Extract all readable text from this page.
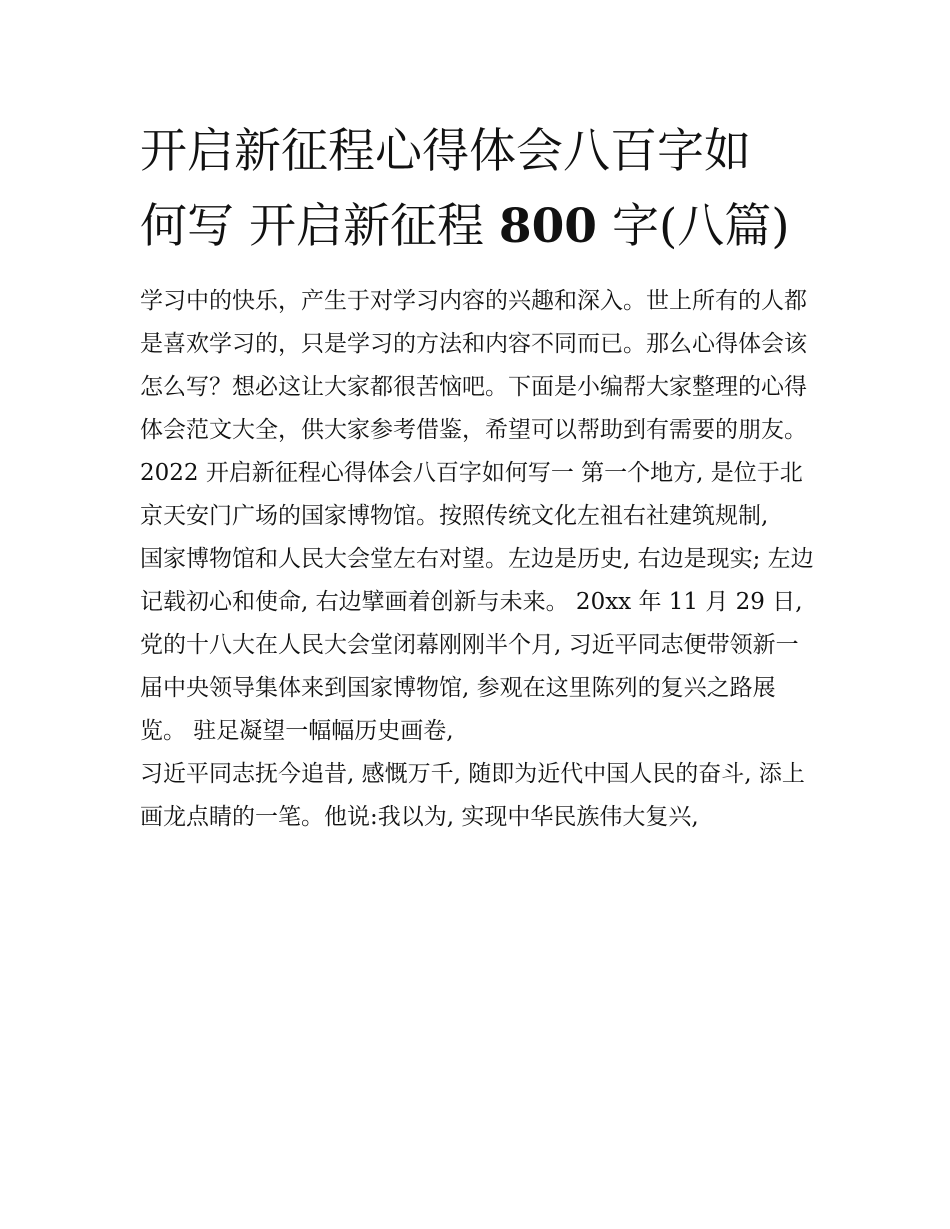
开启新征程心得体会八百字如
何写 开启新征程 800 字(八篇)

学习中的快乐，产生于对学习内容的兴趣和深入。世上所有的人都是喜欢学习的，只是学习的方法和内容不同而已。那么心得体会该怎么写？想必这让大家都很苦恼吧。下面是小编帮大家整理的心得体会范文大全，供大家参考借鉴，希望可以帮助到有需要的朋友。

2022 开启新征程心得体会八百字如何写一 第一个地方, 是位于北京天安门广场的国家博物馆。按照传统文化左祖右社建筑规制,

国家博物馆和人民大会堂左右对望。左边是历史, 右边是现实; 左边记载初心和使命, 右边擘画着创新与未来。 20xx 年 11 月 29 日,

党的十八大在人民大会堂闭幕刚刚半个月, 习近平同志便带领新一届中央领导集体来到国家博物馆, 参观在这里陈列的复兴之路展览。 驻足凝望一幅幅历史画卷,

习近平同志抚今追昔, 感慨万千, 随即为近代中国人民的奋斗, 添上画龙点睛的一笔。他说:我以为, 实现中华民族伟大复兴,
